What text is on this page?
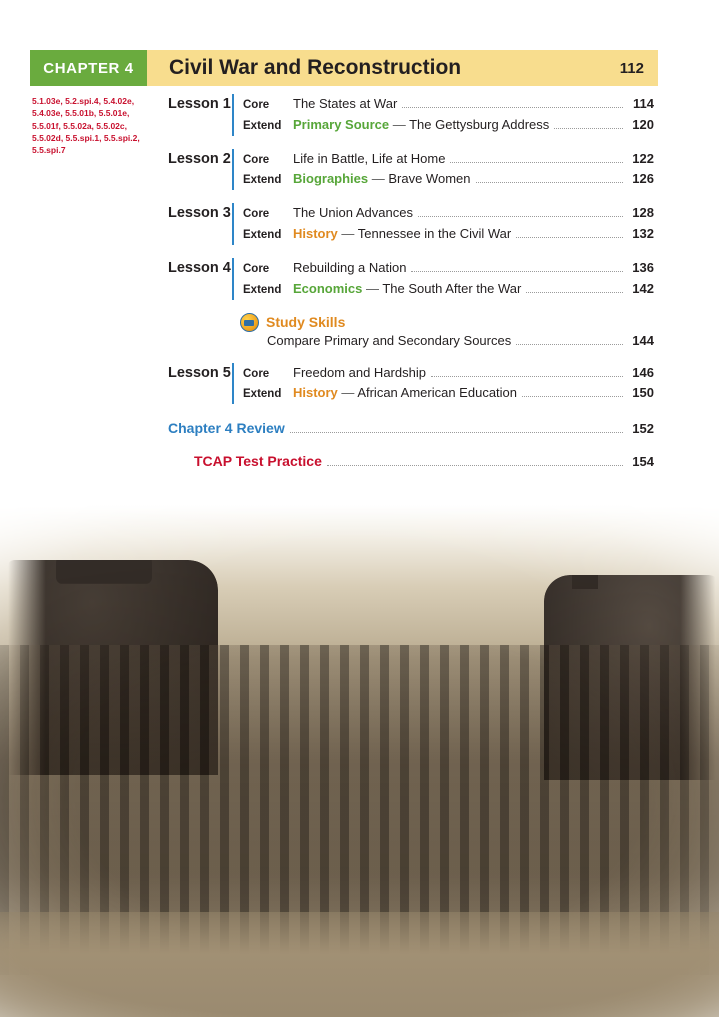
CHAPTER 4	Civil War and Reconstruction	112
5.1.03e, 5.2.spi.4, 5.4.02e, 5.4.03e, 5.5.01b, 5.5.01e, 5.5.01f, 5.5.02a, 5.5.02c, 5.5.02d, 5.5.spi.1, 5.5.spi.2, 5.5.spi.7
Lesson 1 Core	The States at War	114
Extend Primary Source — The Gettysburg Address	120
Lesson 2 Core	Life in Battle, Life at Home	122
Extend Biographies — Brave Women	126
Lesson 3 Core	The Union Advances	128
Extend History — Tennessee in the Civil War	132
Lesson 4 Core	Rebuilding a Nation	136
Extend Economics — The South After the War	142
Study Skills
Compare Primary and Secondary Sources	144
Lesson 5 Core	Freedom and Hardship	146
Extend History — African American Education	150
Chapter 4 Review	152
TCAP Test Practice	154
